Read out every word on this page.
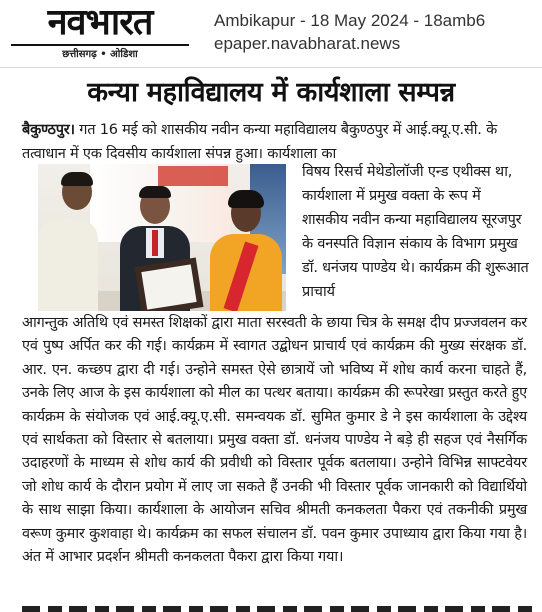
नवभारत
छत्तीसगढ़ • ओडिशा
Ambikapur - 18 May 2024 - 18amb6
epaper.navabharat.news
कन्या महाविद्यालय में कार्यशाला सम्पन्न

बैकुण्ठपुर। गत 16 मई को शासकीय नवीन कन्या महाविद्यालय बैकुण्ठपुर में आई.क्यू.ए.सी. के तत्वाधान में एक दिवसीय कार्यशाला संपन्न हुआ। कार्यशाला का

विषय रिसर्च मेथेडोलॉजी एन्ड एथीक्स था, कार्यशाला में प्रमुख वक्ता के रूप में शासकीय नवीन कन्या महाविद्यालय सूरजपुर के वनस्पति विज्ञान संकाय के विभाग प्रमुख डॉ. धनंजय पाण्डेय थे। कार्यक्रम की शुरूआत प्राचार्य

आगन्तुक अतिथि एवं समस्त शिक्षकों द्वारा माता सरस्वती के छाया चित्र के समक्ष दीप प्रज्जवलन कर एवं पुष्प अर्पित कर की गई। कार्यक्रम में स्वागत उद्बोधन प्राचार्य एवं कार्यक्रम की मुख्य संरक्षक डॉ. आर. एन. कच्छप द्वारा दी गई। उन्होने समस्त ऐसे छात्रायें जो भविष्य में शोध कार्य करना चाहते हैं, उनके लिए आज के इस कार्यशाला को मील का पत्थर बताया। कार्यक्रम की रूपरेखा प्रस्तुत करते हुए कार्यक्रम के संयोजक एवं आई.क्यू.ए.सी. समन्वयक डॉ. सुमित कुमार डे ने इस कार्यशाला के उद्देश्य एवं सार्थकता को विस्तार से बतलाया। प्रमुख वक्ता डॉ. धनंजय पाण्डेय ने बड़े ही सहज एवं नैसर्गिक उदाहरणों के माध्यम से शोध कार्य की प्रवीधी को विस्तार पूर्वक बतलाया। उन्होने विभिन्न साफ्टवेयर जो शोध कार्य के दौरान प्रयोग में लाए जा सकते हैं उनकी भी विस्तार पूर्वक जानकारी को विद्यार्थियो के साथ साझा किया। कार्यशाला के आयोजन सचिव श्रीमती कनकलता पैकरा एवं तकनीकी प्रमुख वरूण कुमार कुशवाहा थे। कार्यक्रम का सफल संचालन डॉ. पवन कुमार उपाध्याय द्वारा किया गया है। अंत में आभार प्रदर्शन श्रीमती कनकलता पैकरा द्वारा किया गया।
